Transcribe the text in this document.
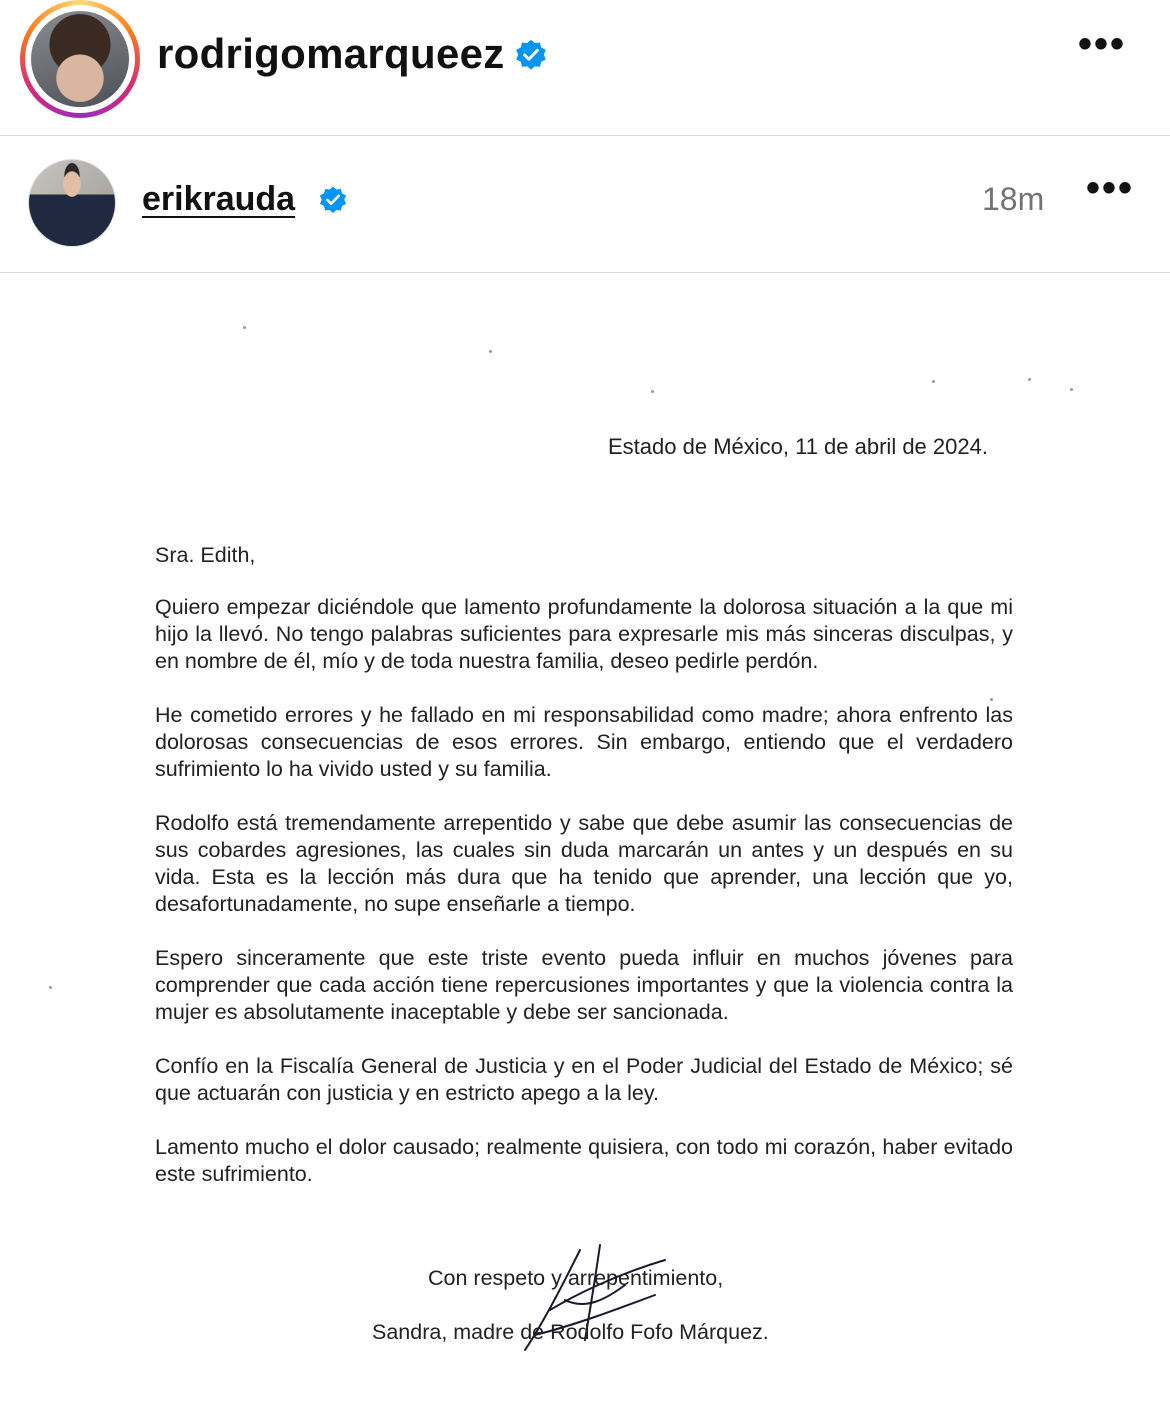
rodrigomarqueez	•••
erikrauda	18m •••
Estado de México, 11 de abril de 2024.

Sra. Edith,

Quiero empezar diciéndole que lamento profundamente la dolorosa situación a la que mi hijo la llevó. No tengo palabras suficientes para expresarle mis más sinceras disculpas, y en nombre de él, mío y de toda nuestra familia, deseo pedirle perdón.

He cometido errores y he fallado en mi responsabilidad como madre; ahora enfrento las dolorosas consecuencias de esos errores. Sin embargo, entiendo que el verdadero sufrimiento lo ha vivido usted y su familia.

Rodolfo está tremendamente arrepentido y sabe que debe asumir las consecuencias de sus cobardes agresiones, las cuales sin duda marcarán un antes y un después en su vida. Esta es la lección más dura que ha tenido que aprender, una lección que yo, desafortunadamente, no supe enseñarle a tiempo.

Espero sinceramente que este triste evento pueda influir en muchos jóvenes para comprender que cada acción tiene repercusiones importantes y que la violencia contra la mujer es absolutamente inaceptable y debe ser sancionada.

Confío en la Fiscalía General de Justicia y en el Poder Judicial del Estado de México; sé que actuarán con justicia y en estricto apego a la ley.

Lamento mucho el dolor causado; realmente quisiera, con todo mi corazón, haber evitado este sufrimiento.

Con respeto y arrepentimiento,
Sandra, madre de Rodolfo Fofo Márquez.
